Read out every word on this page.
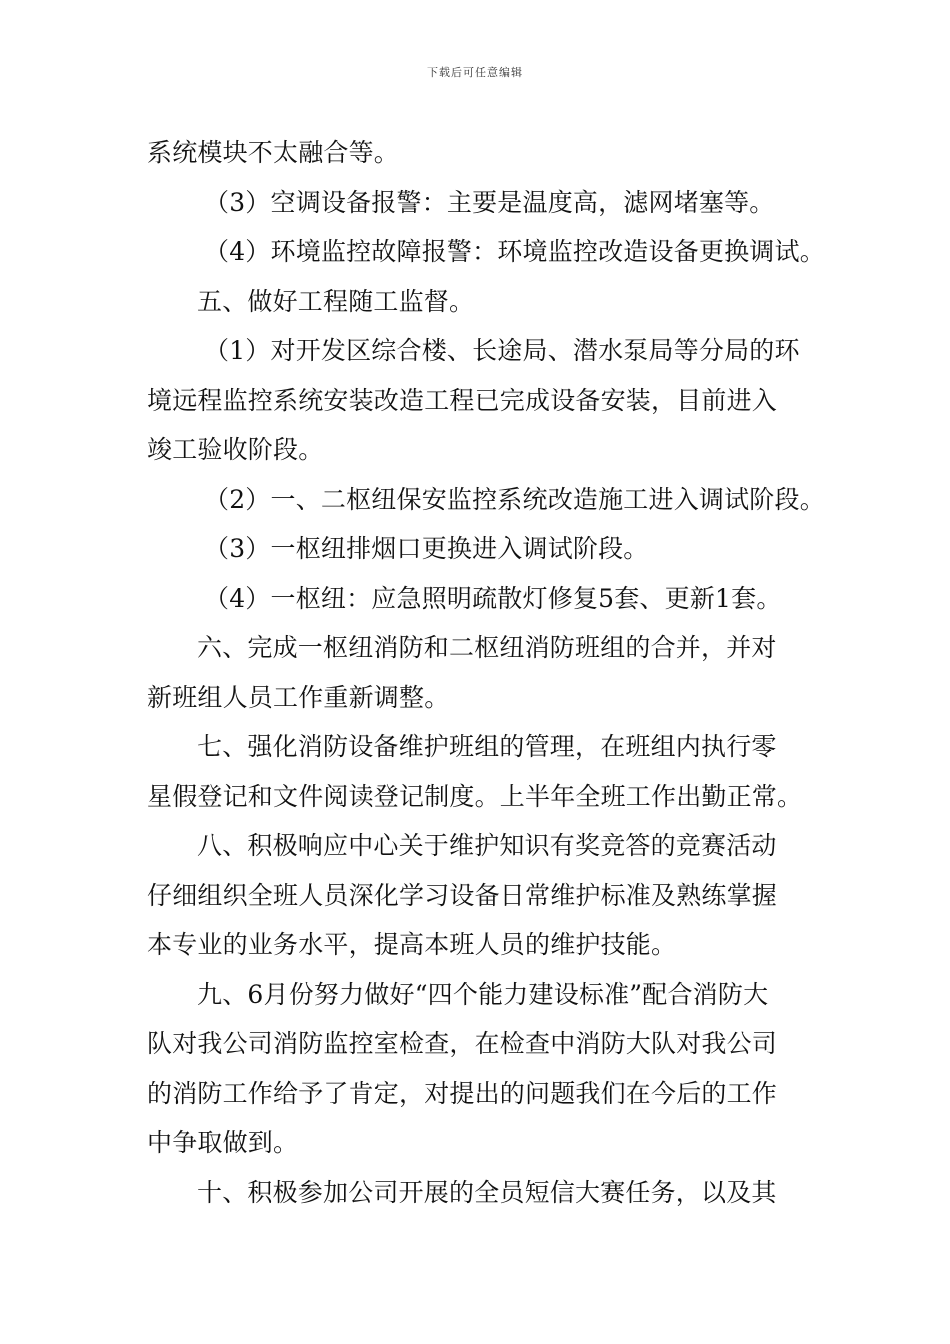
下载后可任意编辑
系统模块不太融合等。
（3）空调设备报警：主要是温度高，滤网堵塞等。
（4）环境监控故障报警：环境监控改造设备更换调试。
五、做好工程随工监督。
（1）对开发区综合楼、长途局、潜水泵局等分局的环
境远程监控系统安装改造工程已完成设备安装，目前进入
竣工验收阶段。
（2）一、二枢纽保安监控系统改造施工进入调试阶段。
（3）一枢纽排烟口更换进入调试阶段。
（4）一枢纽：应急照明疏散灯修复5套、更新1套。
六、完成一枢纽消防和二枢纽消防班组的合并，并对
新班组人员工作重新调整。
七、强化消防设备维护班组的管理，在班组内执行零
星假登记和文件阅读登记制度。上半年全班工作出勤正常。
八、积极响应中心关于维护知识有奖竞答的竞赛活动
仔细组织全班人员深化学习设备日常维护标准及熟练掌握
本专业的业务水平，提高本班人员的维护技能。
九、6月份努力做好“四个能力建设标准”配合消防大
队对我公司消防监控室检查，在检查中消防大队对我公司
的消防工作给予了肯定，对提出的问题我们在今后的工作
中争取做到。
十、积极参加公司开展的全员短信大赛任务，以及其
